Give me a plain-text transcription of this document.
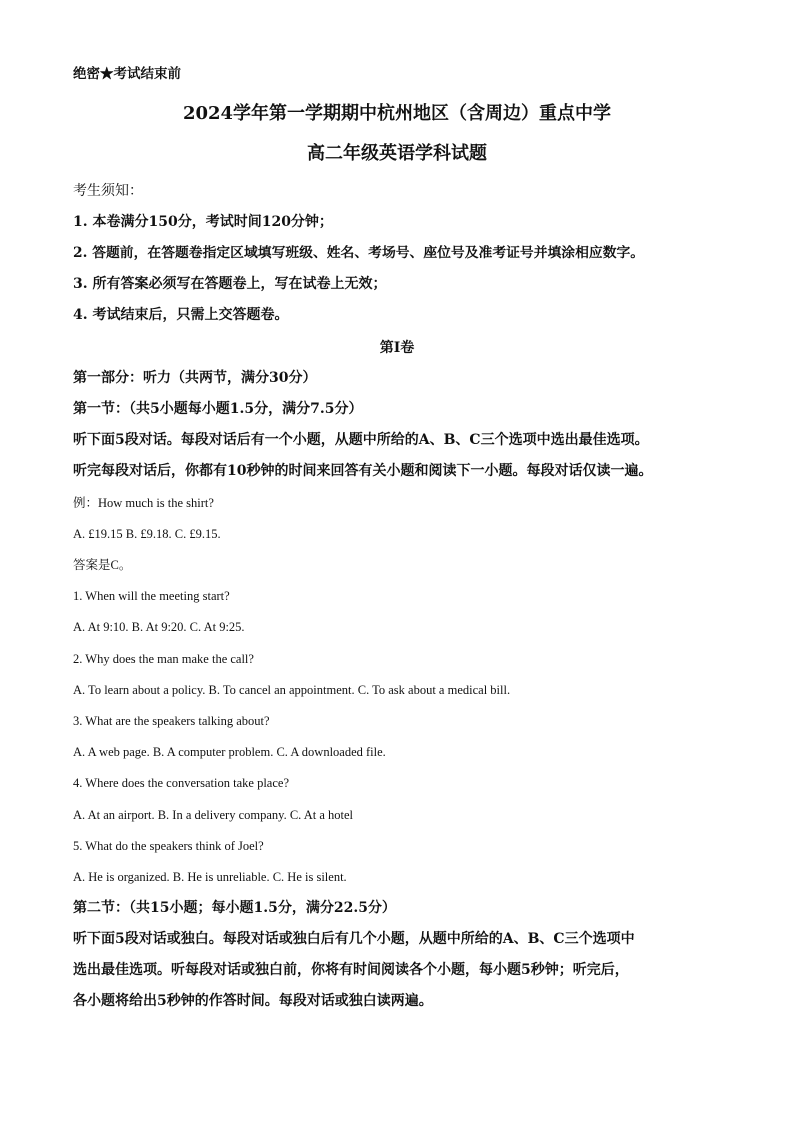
绝密★考试结束前
2024学年第一学期期中杭州地区（含周边）重点中学
高二年级英语学科试题
考生须知：
1. 本卷满分150分，考试时间120分钟；
2. 答题前，在答题卷指定区域填写班级、姓名、考场号、座位号及准考证号并填涂相应数字。
3. 所有答案必须写在答题卷上，写在试卷上无效；
4. 考试结束后，只需上交答题卷。
第I卷
第一部分：听力（共两节，满分30分）
第一节：（共5小题每小题1.5分，满分7.5分）
听下面5段对话。每段对话后有一个小题，从题中所给的A、B、C三个选项中选出最佳选项。
听完每段对话后，你都有10秒钟的时间来回答有关小题和阅读下一小题。每段对话仅读一遍。
例：How much is the shirt?
A. £19.15 B. £9.18. C. £9.15.
答案是C。
1. When will the meeting start?
A. At 9:10. B. At 9:20. C. At 9:25.
2. Why does the man make the call?
A. To learn about a policy. B. To cancel an appointment. C. To ask about a medical bill.
3. What are the speakers talking about?
A. A web page. B. A computer problem. C. A downloaded file.
4. Where does the conversation take place?
A. At an airport. B. In a delivery company. C. At a hotel
5. What do the speakers think of Joel?
A. He is organized. B. He is unreliable. C. He is silent.
第二节：（共15小题；每小题1.5分，满分22.5分）
听下面5段对话或独白。每段对话或独白后有几个小题，从题中所给的A、B、C三个选项中
选出最佳选项。听每段对话或独白前，你将有时间阅读各个小题，每小题5秒钟；听完后，
各小题将给出5秒钟的作答时间。每段对话或独白读两遍。
